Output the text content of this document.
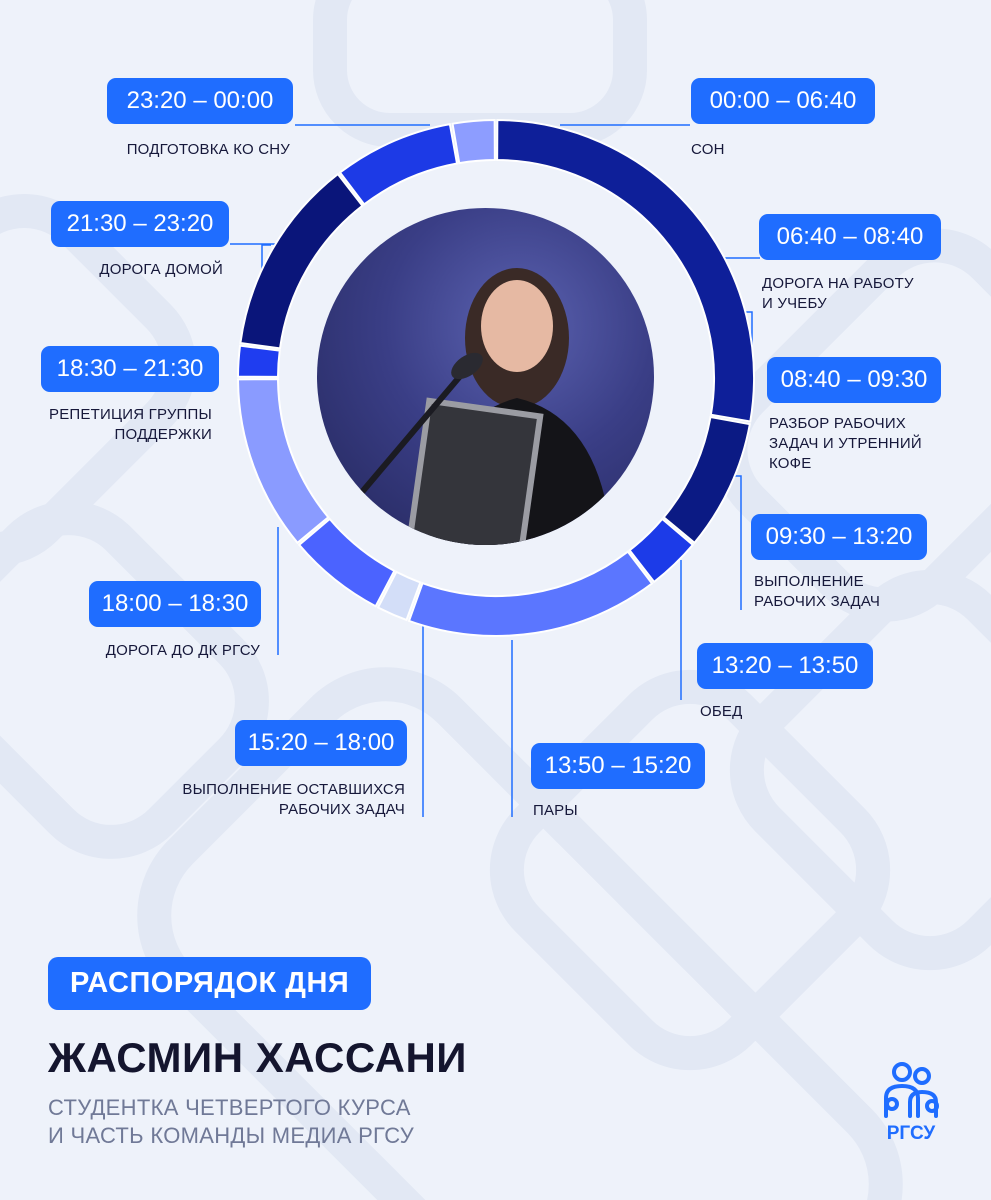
00:00 – 06:40
СОН
06:40 – 08:40
ДОРОГА НА РАБОТУ
И УЧЕБУ
08:40 – 09:30
РАЗБОР РАБОЧИХ
ЗАДАЧ И УТРЕННИЙ
КОФЕ
09:30 – 13:20
ВЫПОЛНЕНИЕ
РАБОЧИХ ЗАДАЧ
13:20 – 13:50
ОБЕД
13:50 – 15:20
ПАРЫ
15:20 – 18:00
ВЫПОЛНЕНИЕ ОСТАВШИХСЯ
РАБОЧИХ ЗАДАЧ
18:00 – 18:30
ДОРОГА ДО ДК РГСУ
18:30 – 21:30
РЕПЕТИЦИЯ ГРУППЫ
ПОДДЕРЖКИ
21:30 – 23:20
ДОРОГА ДОМОЙ
23:20 – 00:00
ПОДГОТОВКА КО СНУ
РАСПОРЯДОК ДНЯ
ЖАСМИН ХАССАНИ
СТУДЕНТКА ЧЕТВЕРТОГО КУРСА
И ЧАСТЬ КОМАНДЫ МЕДИА РГСУ	РГСУ
